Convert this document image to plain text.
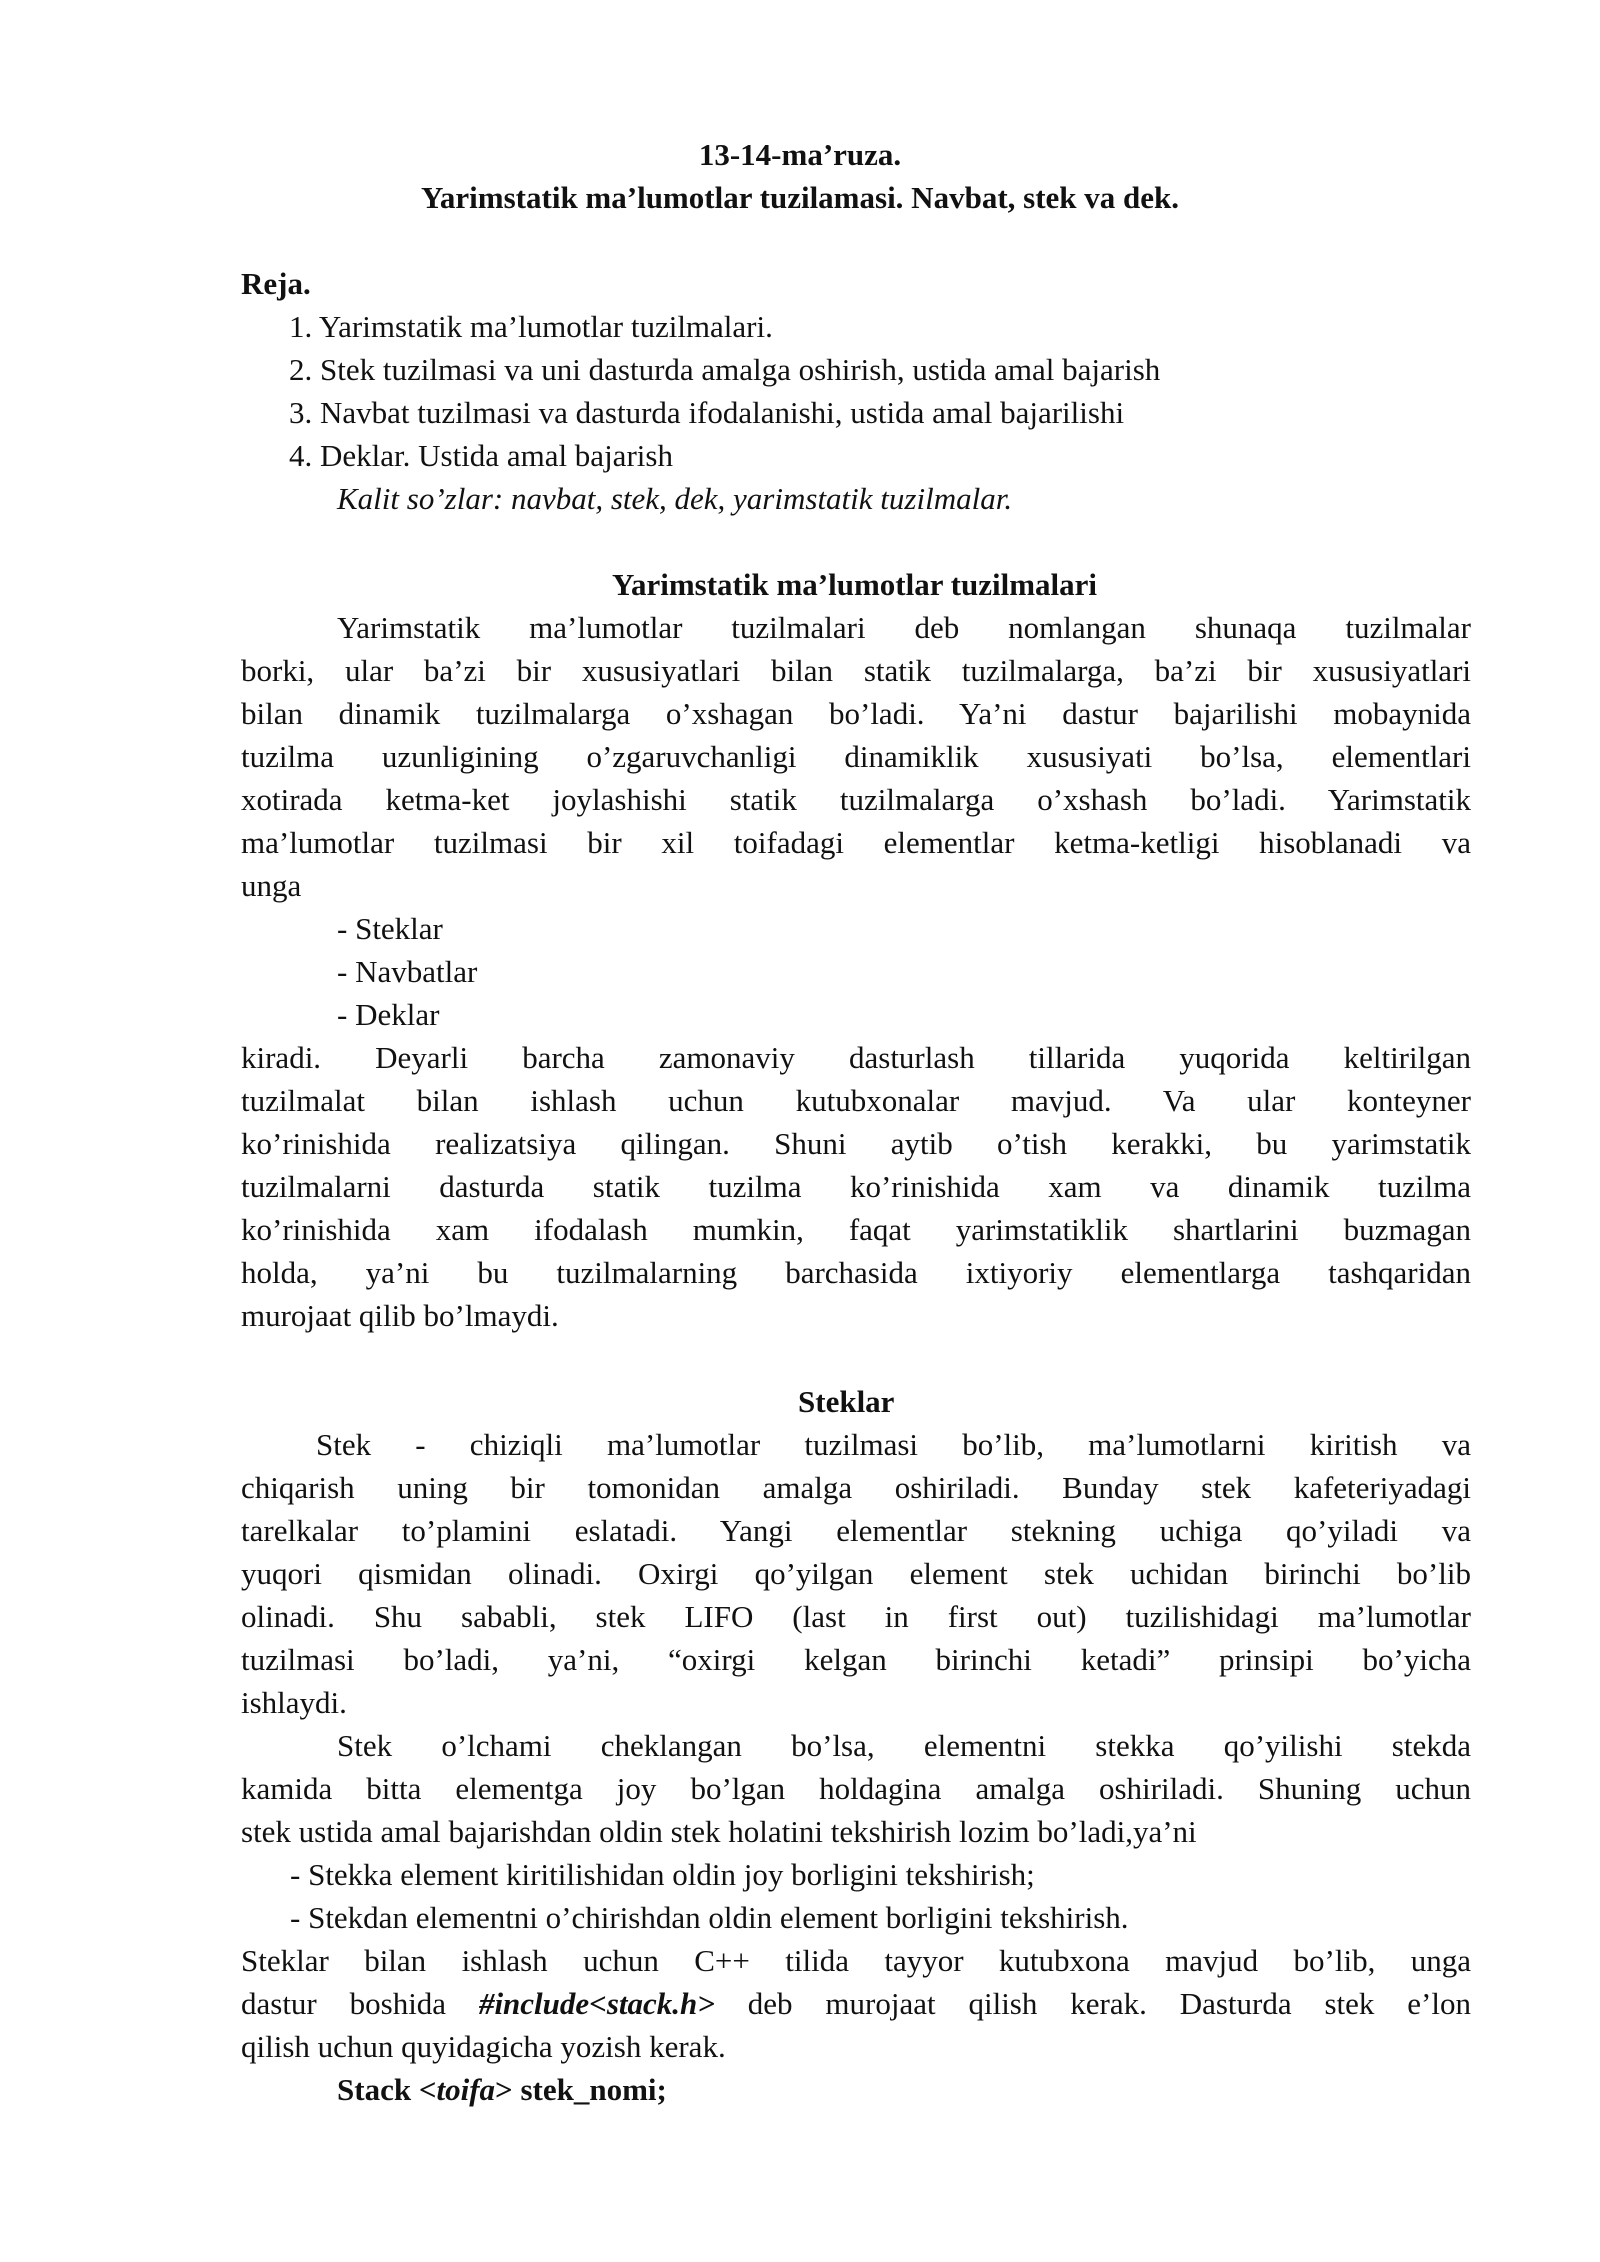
13-14-ma’ruza.
Yarimstatik ma’lumotlar tuzilamasi. Navbat, stek va dek.
Reja.
1. Yarimstatik ma’lumotlar tuzilmalari.
2. Stek tuzilmasi va uni dasturda amalga oshirish, ustida amal bajarish
3. Navbat tuzilmasi va dasturda ifodalanishi, ustida amal bajarilishi
4. Deklar. Ustida amal bajarish
Kalit so’zlar: navbat, stek, dek, yarimstatik tuzilmalar.
Yarimstatik ma’lumotlar tuzilmalari
Yarimstatik ma’lumotlar tuzilmalari deb nomlangan shunaqa tuzilmalar
borki, ular ba’zi bir xususiyatlari bilan statik tuzilmalarga, ba’zi bir xususiyatlari
bilan dinamik tuzilmalarga o’xshagan bo’ladi. Ya’ni dastur bajarilishi mobaynida
tuzilma uzunligining o’zgaruvchanligi dinamiklik xususiyati bo’lsa, elementlari
xotirada ketma-ket joylashishi statik tuzilmalarga o’xshash bo’ladi. Yarimstatik
ma’lumotlar tuzilmasi bir xil toifadagi elementlar ketma-ketligi hisoblanadi va
unga
- Steklar
- Navbatlar
- Deklar
kiradi. Deyarli barcha zamonaviy dasturlash tillarida yuqorida keltirilgan
tuzilmalat bilan ishlash uchun kutubxonalar mavjud. Va ular konteyner
ko’rinishida realizatsiya qilingan. Shuni aytib o’tish kerakki, bu yarimstatik
tuzilmalarni dasturda statik tuzilma ko’rinishida xam va dinamik tuzilma
ko’rinishida xam ifodalash mumkin, faqat yarimstatiklik shartlarini buzmagan
holda, ya’ni bu tuzilmalarning barchasida ixtiyoriy elementlarga tashqaridan
murojaat qilib bo’lmaydi.
Steklar
Stek - chiziqli ma’lumotlar tuzilmasi bo’lib, ma’lumotlarni kiritish va
chiqarish uning bir tomonidan amalga oshiriladi. Bunday stek kafeteriyadagi
tarelkalar to’plamini eslatadi. Yangi elementlar stekning uchiga qo’yiladi va
yuqori qismidan olinadi. Oxirgi qo’yilgan element stek uchidan birinchi bo’lib
olinadi. Shu sababli, stek LIFO (last in first out) tuzilishidagi ma’lumotlar
tuzilmasi bo’ladi, ya’ni, “oxirgi kelgan birinchi ketadi” prinsipi bo’yicha
ishlaydi.
Stek o’lchami cheklangan bo’lsa, elementni stekka qo’yilishi stekda
kamida bitta elementga joy bo’lgan holdagina amalga oshiriladi. Shuning uchun
stek ustida amal bajarishdan oldin stek holatini tekshirish lozim bo’ladi,ya’ni
- Stekka element kiritilishidan oldin joy borligini tekshirish;
- Stekdan elementni o’chirishdan oldin element borligini tekshirish.
Steklar bilan ishlash uchun C++ tilida tayyor kutubxona mavjud bo’lib, unga
dastur boshida #include<stack.h> deb murojaat qilish kerak. Dasturda stek e’lon
qilish uchun quyidagicha yozish kerak.
Stack <toifa> stek_nomi;
